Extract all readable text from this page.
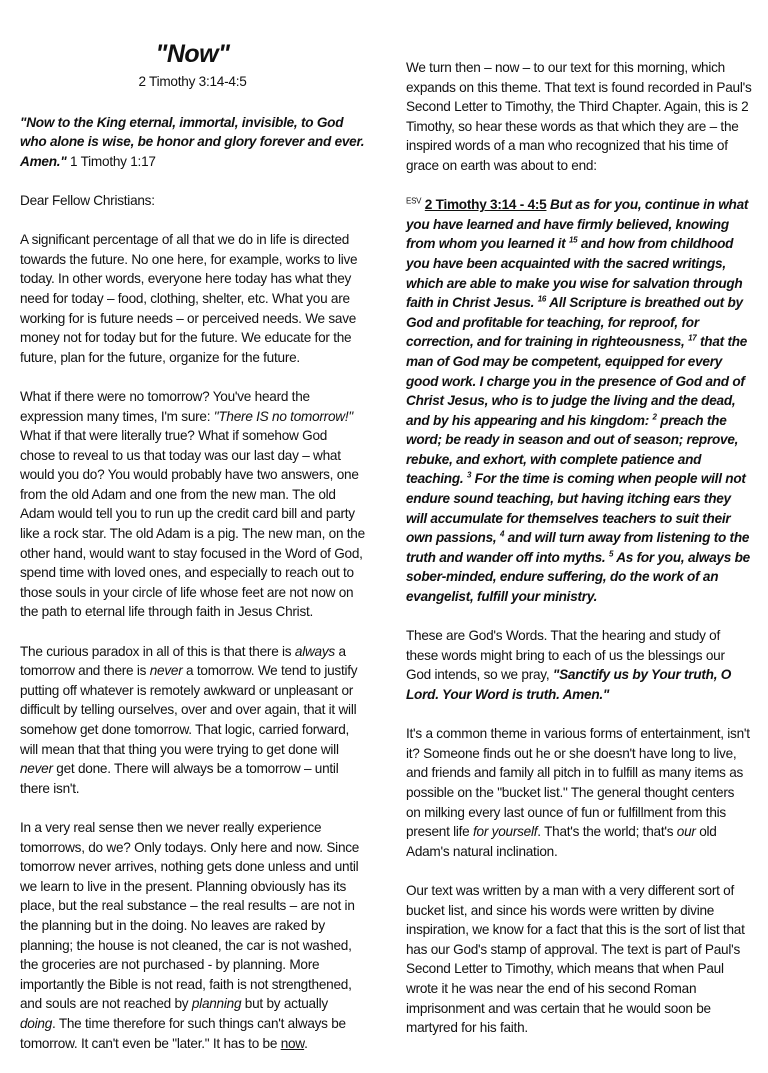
"Now"
2 Timothy 3:14-4:5

"Now to the King eternal, immortal, invisible, to God who alone is wise, be honor and glory forever and ever. Amen." 1 Timothy 1:17

Dear Fellow Christians:

A significant percentage of all that we do in life is directed towards the future. No one here, for example, works to live today. In other words, everyone here today has what they need for today – food, clothing, shelter, etc. What you are working for is future needs – or perceived needs. We save money not for today but for the future. We educate for the future, plan for the future, organize for the future.

What if there were no tomorrow? You've heard the expression many times, I'm sure: "There IS no tomorrow!" What if that were literally true? What if somehow God chose to reveal to us that today was our last day – what would you do? You would probably have two answers, one from the old Adam and one from the new man. The old Adam would tell you to run up the credit card bill and party like a rock star. The old Adam is a pig. The new man, on the other hand, would want to stay focused in the Word of God, spend time with loved ones, and especially to reach out to those souls in your circle of life whose feet are not now on the path to eternal life through faith in Jesus Christ.

The curious paradox in all of this is that there is always a tomorrow and there is never a tomorrow. We tend to justify putting off whatever is remotely awkward or unpleasant or difficult by telling ourselves, over and over again, that it will somehow get done tomorrow. That logic, carried forward, will mean that that thing you were trying to get done will never get done. There will always be a tomorrow – until there isn't.

In a very real sense then we never really experience tomorrows, do we? Only todays. Only here and now. Since tomorrow never arrives, nothing gets done unless and until we learn to live in the present. Planning obviously has its place, but the real substance – the real results – are not in the planning but in the doing. No leaves are raked by planning; the house is not cleaned, the car is not washed, the groceries are not purchased - by planning. More importantly the Bible is not read, faith is not strengthened, and souls are not reached by planning but by actually doing. The time therefore for such things can't always be tomorrow. It can't even be "later." It has to be now.

We turn then – now – to our text for this morning, which expands on this theme. That text is found recorded in Paul's Second Letter to Timothy, the Third Chapter. Again, this is 2 Timothy, so hear these words as that which they are – the inspired words of a man who recognized that his time of grace on earth was about to end:

$^{ESV}$ 2 Timothy 3:14 - 4:5 But as for you, continue in what you have learned and have firmly believed, knowing from whom you learned it $^{15}$ and how from childhood you have been acquainted with the sacred writings, which are able to make you wise for salvation through faith in Christ Jesus. $^{16}$ All Scripture is breathed out by God and profitable for teaching, for reproof, for correction, and for training in righteousness, $^{17}$ that the man of God may be competent, equipped for every good work. I charge you in the presence of God and of Christ Jesus, who is to judge the living and the dead, and by his appearing and his kingdom: $^2$ preach the word; be ready in season and out of season; reprove, rebuke, and exhort, with complete patience and teaching. $^3$ For the time is coming when people will not endure sound teaching, but having itching ears they will accumulate for themselves teachers to suit their own passions, $^4$ and will turn away from listening to the truth and wander off into myths. $^5$ As for you, always be sober-minded, endure suffering, do the work of an evangelist, fulfill your ministry.

These are God's Words. That the hearing and study of these words might bring to each of us the blessings our God intends, so we pray, "Sanctify us by Your truth, O Lord. Your Word is truth. Amen."

It's a common theme in various forms of entertainment, isn't it? Someone finds out he or she doesn't have long to live, and friends and family all pitch in to fulfill as many items as possible on the "bucket list." The general thought centers on milking every last ounce of fun or fulfillment from this present life for yourself. That's the world; that's our old Adam's natural inclination.

Our text was written by a man with a very different sort of bucket list, and since his words were written by divine inspiration, we know for a fact that this is the sort of list that has our God's stamp of approval. The text is part of Paul's Second Letter to Timothy, which means that when Paul wrote it he was near the end of his second Roman imprisonment and was certain that he would soon be martyred for his faith.
